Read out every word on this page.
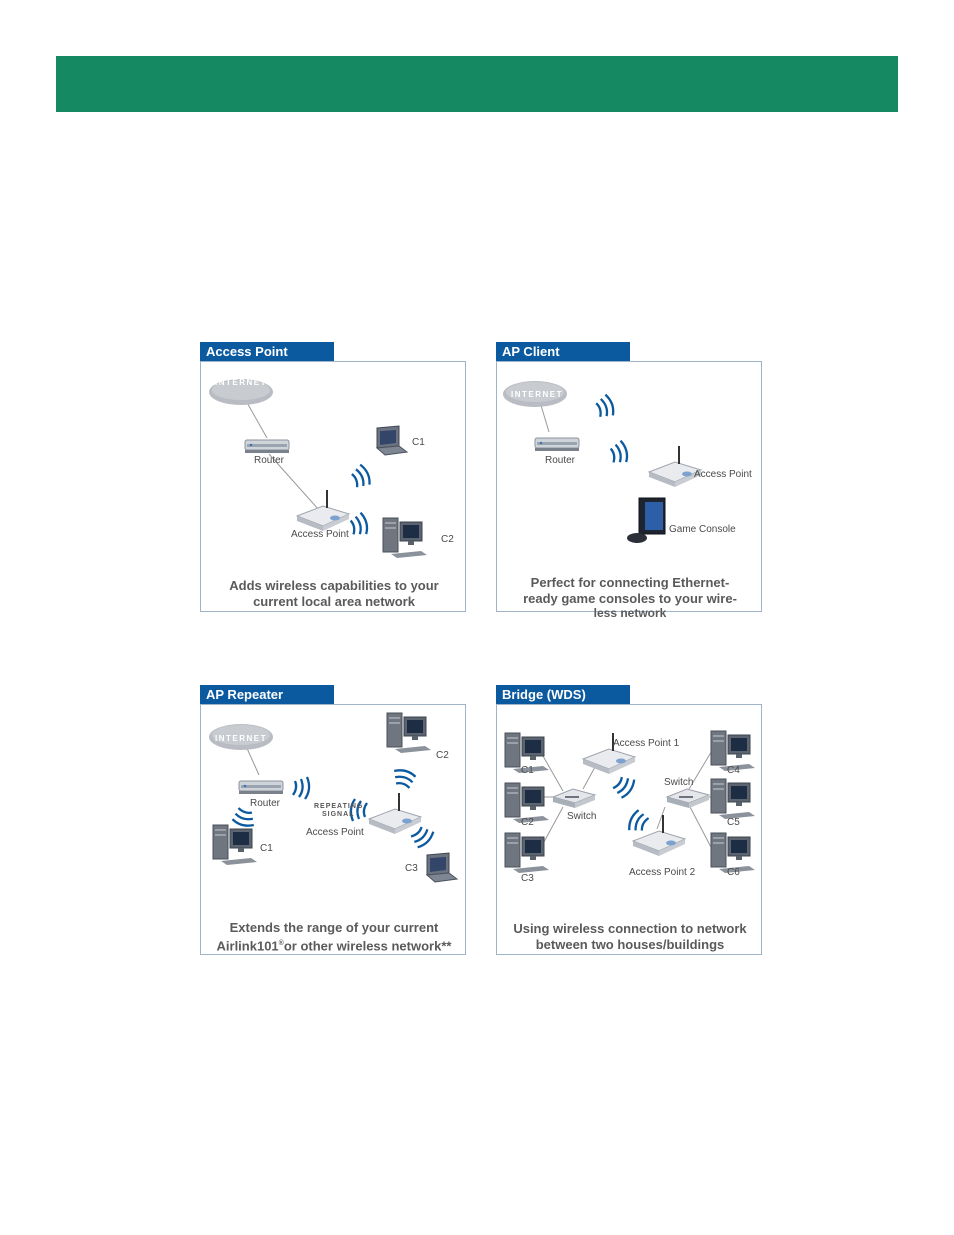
Access Point
INTERNET
Router
Access Point
C1
C2
Adds wireless capabilities to your
current local area network
AP Client
INTERNET
Router
Access Point
Game Console
Perfect for connecting Ethernet-
ready game consoles to your wire-
less network
AP Repeater
INTERNET
Router	REPEATING
SIGNAL
Access Point
C2
C1
C3
Extends the range of your current
Airlink101®or other wireless network**
Bridge (WDS)
Access Point 1
Access Point 2
Switch
Switch
C1
C2
C3
C4
C5
C6
Using wireless connection to network
between two houses/buildings
